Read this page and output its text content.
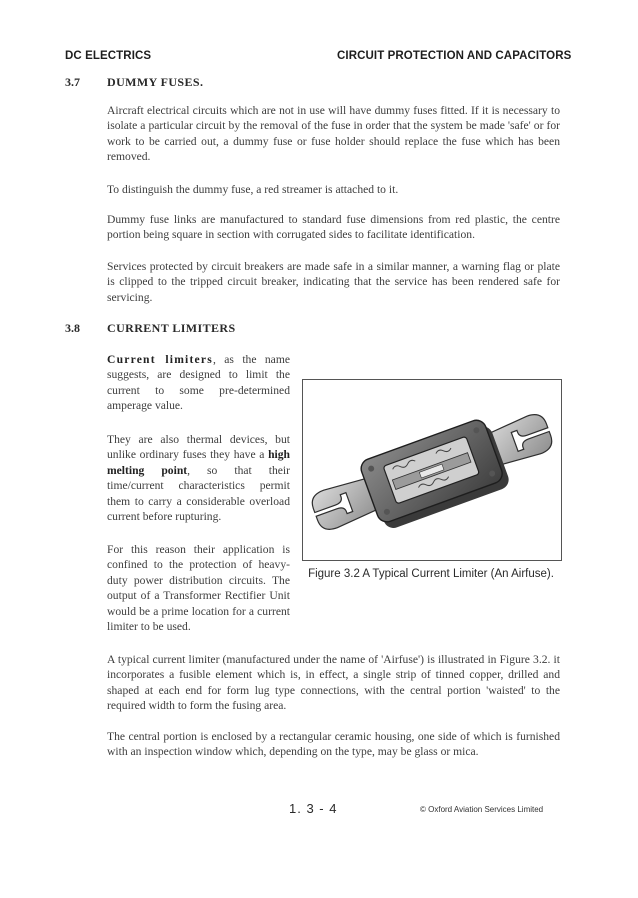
DC ELECTRICS	CIRCUIT PROTECTION AND CAPACITORS
3.7 DUMMY FUSES.

Aircraft electrical circuits which are not in use will have dummy fuses fitted. If it is necessary to isolate a particular circuit by the removal of the fuse in order that the system be made 'safe' or for work to be carried out, a dummy fuse or fuse holder should replace the fuse which has been removed.

To distinguish the dummy fuse, a red streamer is attached to it.

Dummy fuse links are manufactured to standard fuse dimensions from red plastic, the centre portion being square in section with corrugated sides to facilitate identification.

Services protected by circuit breakers are made safe in a similar manner, a warning flag or plate is clipped to the tripped circuit breaker, indicating that the service has been rendered safe for servicing.

3.8 CURRENT LIMITERS

Current limiters, as the name suggests, are designed to limit the current to some pre-determined amperage value.

They are also thermal devices, but unlike ordinary fuses they have a high melting point, so that their time/current characteristics permit them to carry a considerable overload current before rupturing.

For this reason their application is confined to the protection of heavy-duty power distribution circuits. The output of a Transformer Rectifier Unit would be a prime location for a current limiter to be used.

Figure 3.2 A Typical Current Limiter (An Airfuse).

A typical current limiter (manufactured under the name of 'Airfuse') is illustrated in Figure 3.2. it incorporates a fusible element which is, in effect, a single strip of tinned copper, drilled and shaped at each end for form lug type connections, with the central portion 'waisted' to the required width to form the fusing area.

The central portion is enclosed by a rectangular ceramic housing, one side of which is furnished with an inspection window which, depending on the type, may be glass or mica.

1. 3 - 4	© Oxford Aviation Services Limited
